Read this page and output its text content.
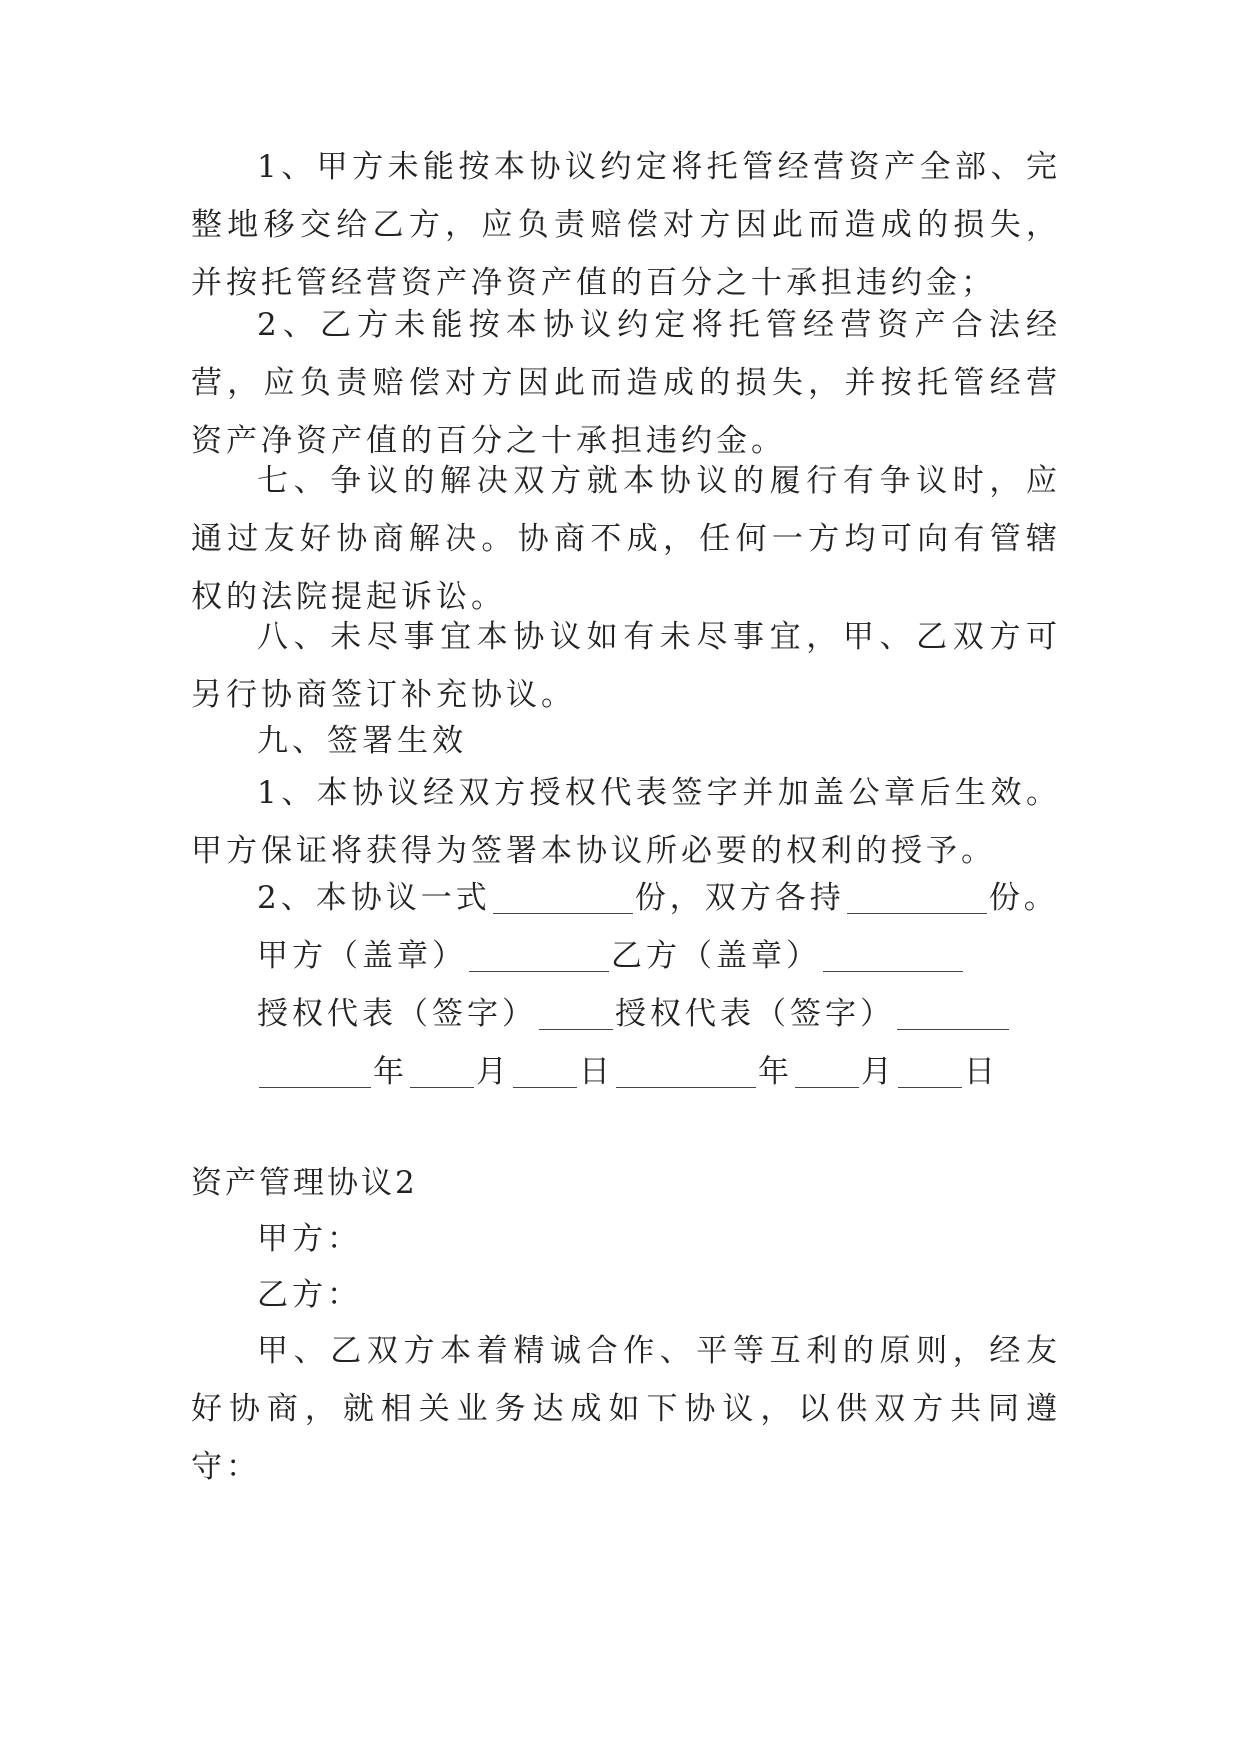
1、甲方未能按本协议约定将托管经营资产全部、完整地移交给乙方，应负责赔偿对方因此而造成的损失，并按托管经营资产净资产值的百分之十承担违约金；
2、乙方未能按本协议约定将托管经营资产合法经营，应负责赔偿对方因此而造成的损失，并按托管经营资产净资产值的百分之十承担违约金。
七、争议的解决双方就本协议的履行有争议时，应通过友好协商解决。协商不成，任何一方均可向有管辖权的法院提起诉讼。
八、未尽事宜本协议如有未尽事宜，甲、乙双方可另行协商签订补充协议。
九、签署生效
1、本协议经双方授权代表签字并加盖公章后生效。甲方保证将获得为签署本协议所必要的权利的授予。
2、本协议一式	份，双方各持	份。
甲方（盖章）	乙方（盖章）
授权代表（签字）	授权代表（签字）
年 月 日	年 月 日
资产管理协议2
甲方：
乙方：
甲、乙双方本着精诚合作、平等互利的原则，经友好协商，就相关业务达成如下协议，以供双方共同遵守：
